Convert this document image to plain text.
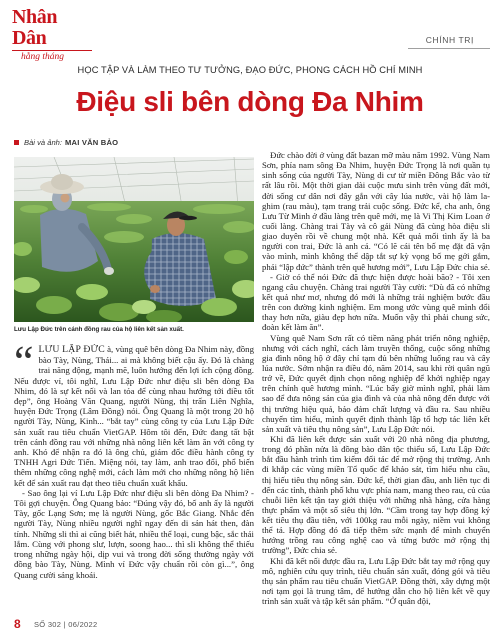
Nhân Dân
hằng tháng
CHÍNH TRỊ
HỌC TẬP VÀ LÀM THEO TƯ TƯỞNG, ĐẠO ĐỨC, PHONG CÁCH HỒ CHÍ MINH
Điệu sli bên dòng Đa Nhim
Bài và ảnh: MAI VĂN BẢO
Lưu Lập Đức trên cánh đồng rau của hộ liên kết sản xuất.

“ LƯU LẬP ĐỨC à, vùng quê bên dòng Đa Nhim này, đồng bào Tày, Nùng, Thái... ai mà không biết cậu ấy. Đó là chàng trai năng động, mạnh mẽ, luôn hướng đến lợi ích cộng đồng. Nếu được ví, tôi nghĩ, Lưu Lập Đức như điệu sli bên dòng Đa Nhim, đó là sự kết nối và lan tỏa để cùng nhau hướng tới điều tốt đẹp”, ông Hoàng Văn Quang, người Nùng, thị trấn Liên Nghĩa, huyện Đức Trọng (Lâm Đồng) nói. Ông Quang là một trong 20 hộ người Tày, Nùng, Kinh... “bắt tay” cùng công ty của Lưu Lập Đức sản xuất rau tiêu chuẩn VietGAP. Hôm tôi đến, Đức đang tất bật trên cánh đồng rau với những nhà nông liên kết làm ăn với công ty anh. Khó để nhận ra đó là ông chủ, giám đốc điều hành công ty TNHH Agri Đức Tiến. Miệng nói, tay làm, anh trao đổi, phổ biến thêm những công nghệ mới, cách làm mới cho những nông hộ liên kết để sản xuất rau đạt theo tiêu chuẩn xuất khẩu.

- Sao ông lại ví Lưu Lập Đức như điệu sli bên dòng Đa Nhim? - Tôi gợi chuyện. Ông Quang bảo: “Đúng vậy đó, bố anh ấy là người Tày, gốc Lạng Sơn; mẹ là người Nùng, gốc Bắc Giang. Nhắc đến người Tày, Nùng nhiều người nghĩ ngay đến di sản hát then, đàn tính. Những sli thì ai cũng biết hát, nhiều thể loại, cung bậc, sắc thái lắm. Cùng với phong slư, lượn, soong hao... thì sli không thể thiếu trong những ngày hội, dịp vui và trong đời sống thường ngày với đồng bào Tày, Nùng. Mình ví Đức vậy chuẩn rồi còn gì...”, ông Quang cười sảng khoái.

Đức chào đời ở vùng đất bazan mỡ màu năm 1992. Vùng Nam Sơn, phía nam sông Đa Nhim, huyện Đức Trọng là nơi quần tụ sinh sống của người Tày, Nùng di cư từ miền Đông Bắc vào từ rất lâu rồi. Một thời gian dài cuộc mưu sinh trên vùng đất mới, đời sống cư dân nơi đây gắn với cây lúa nước, vài hộ làm la-ghim (rau màu), tạm trang trải cuộc sống. Đức kể, cha anh, ông Lưu Từ Minh ở đầu làng trên quê mới, mẹ là Vi Thị Kim Loan ở cuối làng. Chàng trai Tày và cô gái Nùng đã cùng hòa điệu sli giao duyên rồi về chung một nhà. Kết quả mối tình ấy là ba người con trai, Đức là anh cả. “Có lẽ cái tên bố mẹ đặt đã vận vào mình, mình không thể dập tắt sự kỳ vọng bố mẹ gởi gắm, phải “lập đức” thành trên quê hương mới”, Lưu Lập Đức chia sẻ.

- Giờ có thể nói Đức đã thực hiện được hoài bão? - Tôi xen ngang câu chuyện. Chàng trai người Tày cười: “Dù đã có những kết quả như mơ, nhưng đó mới là những trải nghiệm bước đầu trên con đường kinh nghiệm. Em mong ước vùng quê mình đổi thay hơn nữa, giàu đẹp hơn nữa. Muốn vậy thì phải chung sức, đoàn kết làm ăn”.

Vùng quê Nam Sơn rất có tiềm năng phát triển nông nghiệp, nhưng với cách nghĩ, cách làm truyền thống, cuộc sống những gia đình nông hộ ở đây chỉ tạm đủ bên những luống rau và cây lúa nước. Sớm nhận ra điều đó, năm 2014, sau khi rời quân ngũ trở về, Đức quyết định chọn nông nghiệp để khởi nghiệp ngay trên chính quê hương mình. “Lúc bấy giờ mình nghĩ, phải làm sao để đưa nông sản của gia đình và của nhà nông đến được với thị trường hiệu quả, bảo đảm chất lượng và đầu ra. Sau nhiều chuyến tìm hiểu, mình quyết định thành lập tổ hợp tác liên kết sản xuất và tiêu thụ nông sản”, Lưu Lập Đức nói.

Khi đã liên kết được sản xuất với 20 nhà nông địa phương, trong đó phần nửa là đồng bào dân tộc thiểu số, Lưu Lập Đức bắt đầu hành trình tìm kiếm đối tác để mở rộng thị trường. Anh đi khắp các vùng miền Tổ quốc để khảo sát, tìm hiểu nhu cầu, thị hiếu tiêu thụ nông sản. Đức kể, thời gian đầu, anh liên tục đi đến các tỉnh, thành phố khu vực phía nam, mang theo rau, củ của chuỗi liên kết tận tay giới thiệu với những nhà hàng, cửa hàng thực phẩm và một số siêu thị lớn. “Cầm trong tay hợp đồng ký kết tiêu thụ đầu tiên, với 100kg rau mỗi ngày, niềm vui không thể tả. Hợp đồng đó đã tiếp thêm sức mạnh để mình chuyển hướng trồng rau công nghệ cao và từng bước mở rộng thị trường”, Đức chia sẻ.

Khi đã kết nối được đầu ra, Lưu Lập Đức bắt tay mở rộng quy mô, nghiên cứu quy trình, tiêu chuẩn sản xuất, đóng gói và tiêu thụ sản phẩm rau tiêu chuẩn VietGAP. Đồng thời, xây dựng một nơi tạm gọi là trung tâm, để hướng dẫn cho hộ liên kết về quy trình sản xuất và tập kết sản phẩm. “Ở quân đội,

8 SỐ 302 | 06/2022
